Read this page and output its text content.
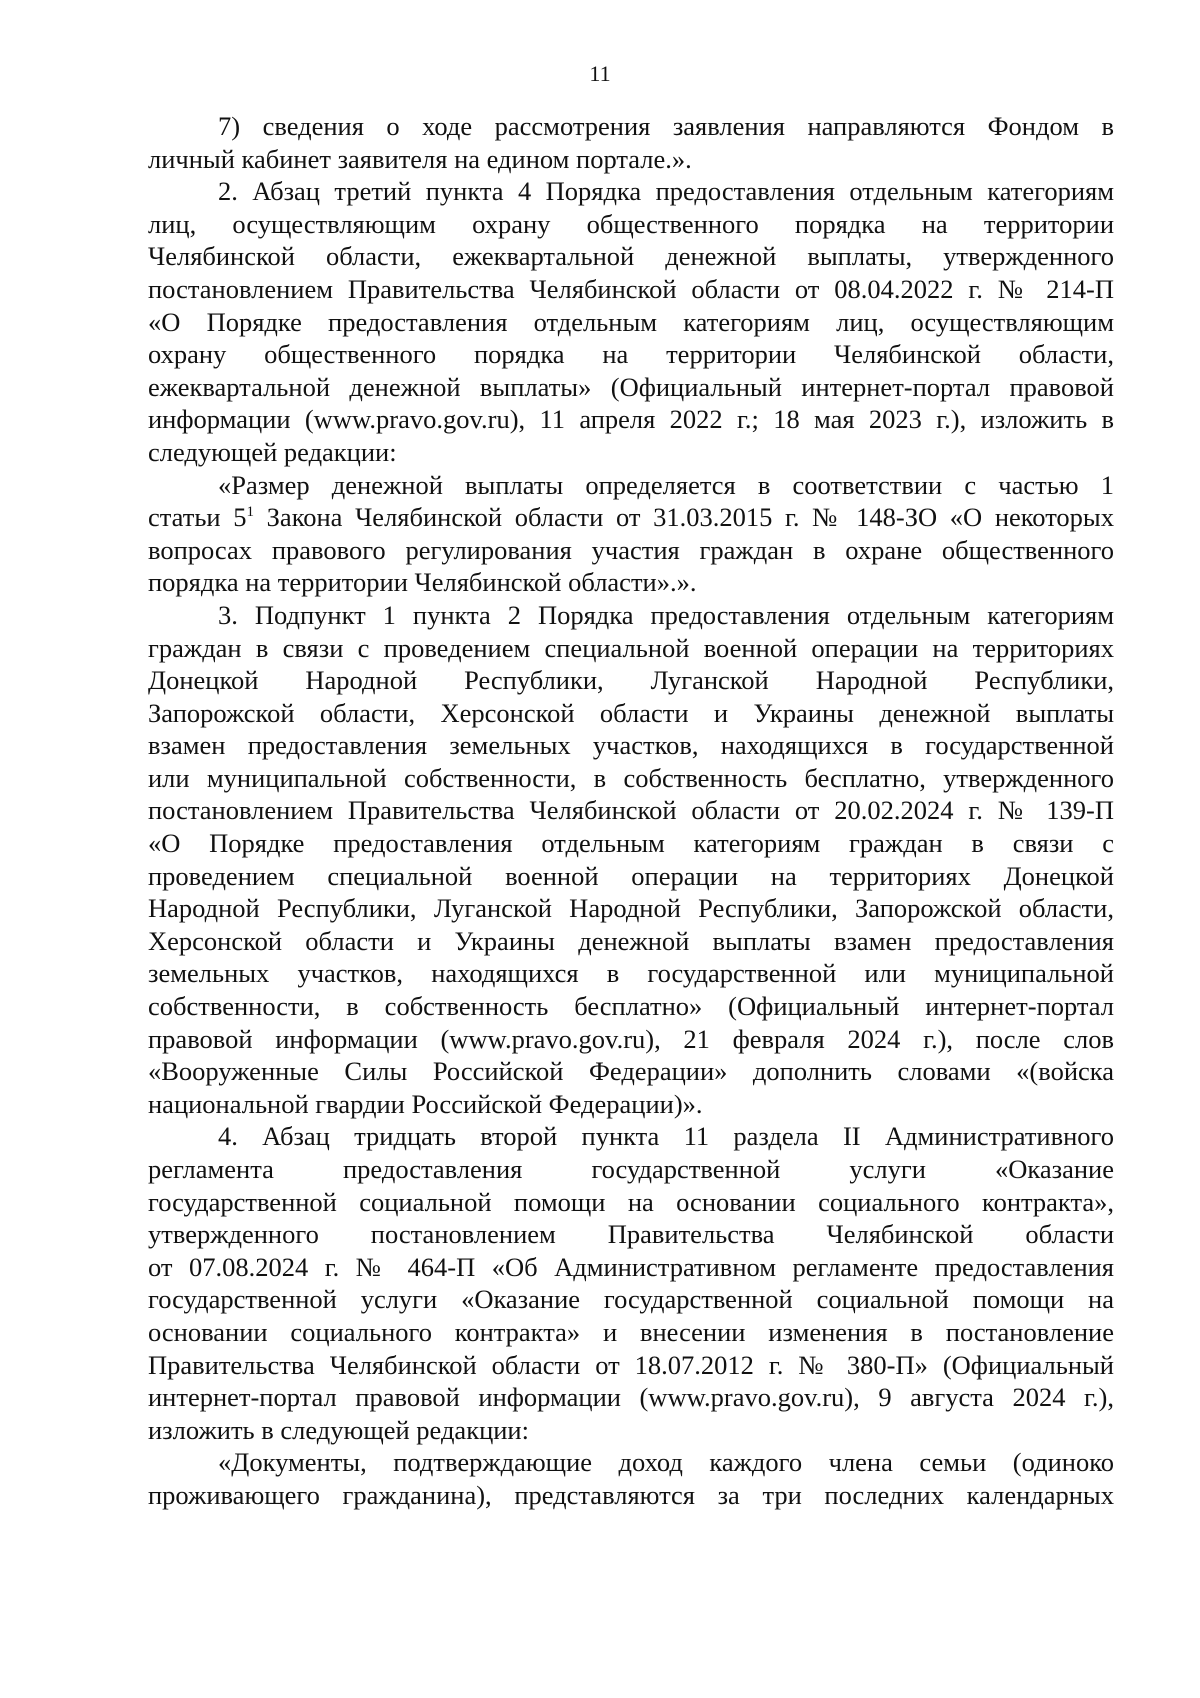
11
7) сведения о ходе рассмотрения заявления направляются Фондом в
личный кабинет заявителя на едином портале.».
2. Абзац третий пункта 4 Порядка предоставления отдельным категориям
лиц, осуществляющим охрану общественного порядка на территории
Челябинской области, ежеквартальной денежной выплаты, утвержденного
постановлением Правительства Челябинской области от 08.04.2022 г. № 214-П
«О Порядке предоставления отдельным категориям лиц, осуществляющим
охрану общественного порядка на территории Челябинской области,
ежеквартальной денежной выплаты» (Официальный интернет-портал правовой
информации (www.pravo.gov.ru), 11 апреля 2022 г.; 18 мая 2023 г.), изложить в
следующей редакции:
«Размер денежной выплаты определяется в соответствии с частью 1
статьи $5^1$ Закона Челябинской области от 31.03.2015 г. № 148-ЗО «О некоторых
вопросах правового регулирования участия граждан в охране общественного
порядка на территории Челябинской области».».
3. Подпункт 1 пункта 2 Порядка предоставления отдельным категориям
граждан в связи с проведением специальной военной операции на территориях
Донецкой Народной Республики, Луганской Народной Республики,
Запорожской области, Херсонской области и Украины денежной выплаты
взамен предоставления земельных участков, находящихся в государственной
или муниципальной собственности, в собственность бесплатно, утвержденного
постановлением Правительства Челябинской области от 20.02.2024 г. № 139-П
«О Порядке предоставления отдельным категориям граждан в связи с
проведением специальной военной операции на территориях Донецкой
Народной Республики, Луганской Народной Республики, Запорожской области,
Херсонской области и Украины денежной выплаты взамен предоставления
земельных участков, находящихся в государственной или муниципальной
собственности, в собственность бесплатно» (Официальный интернет-портал
правовой информации (www.pravo.gov.ru), 21 февраля 2024 г.), после слов
«Вооруженные Силы Российской Федерации» дополнить словами «(войска
национальной гвардии Российской Федерации)».
4. Абзац тридцать второй пункта 11 раздела II Административного
регламента предоставления государственной услуги «Оказание
государственной социальной помощи на основании социального контракта»,
утвержденного постановлением Правительства Челябинской области
от 07.08.2024 г. № 464-П «Об Административном регламенте предоставления
государственной услуги «Оказание государственной социальной помощи на
основании социального контракта» и внесении изменения в постановление
Правительства Челябинской области от 18.07.2012 г. № 380-П» (Официальный
интернет-портал правовой информации (www.pravo.gov.ru), 9 августа 2024 г.),
изложить в следующей редакции:
«Документы, подтверждающие доход каждого члена семьи (одиноко
проживающего гражданина), представляются за три последних календарных
